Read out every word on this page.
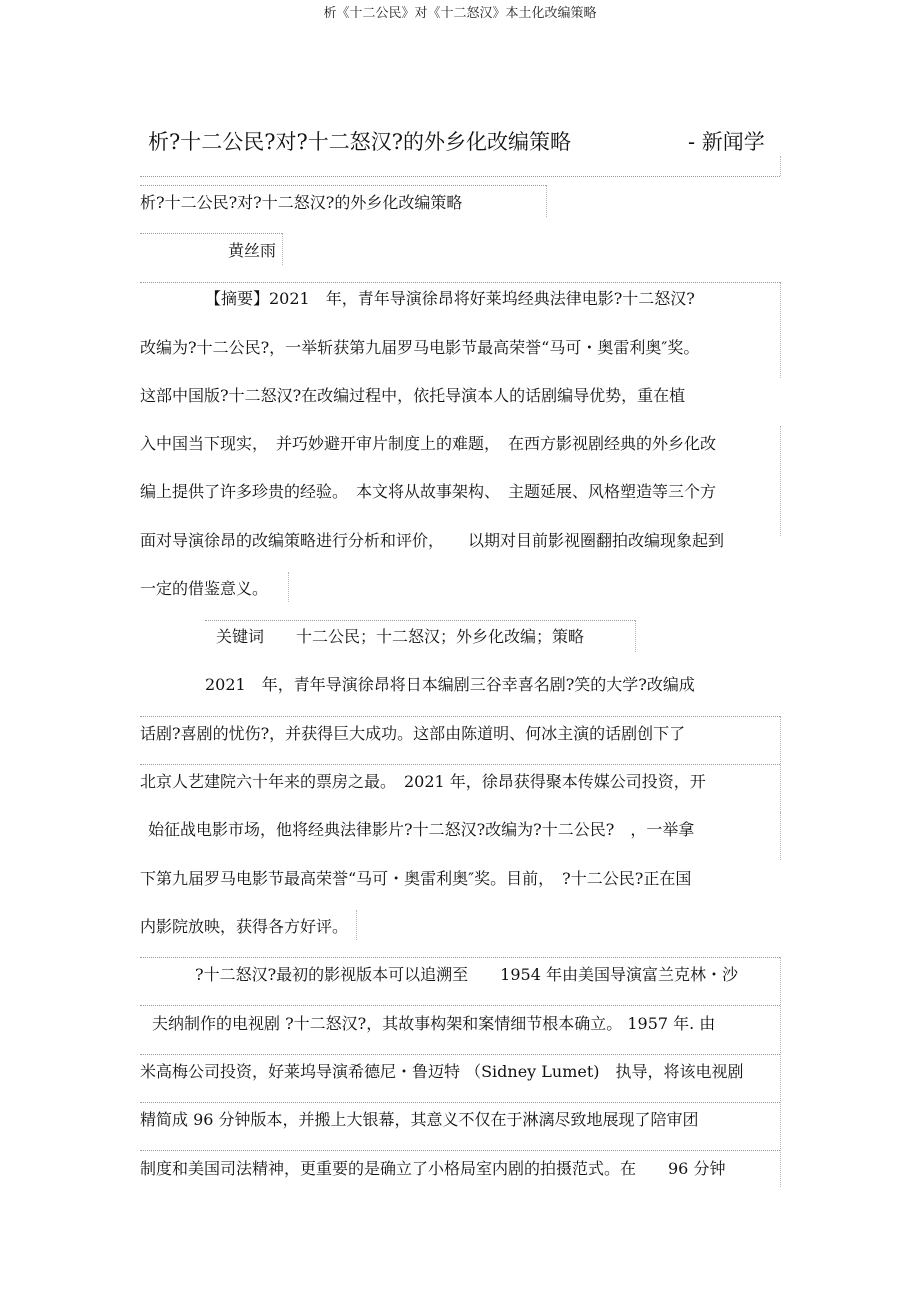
析《十二公民》对《十二怒汉》本土化改编策略
析?十二公民?对?十二怒汉?的外乡化改编策略	- 新闻学
析?十二公民?对?十二怒汉?的外乡化改编策略
黄丝雨
【摘要】2021　年，青年导演徐昂将好莱坞经典法律电影?十二怒汉?
改编为?十二公民?，一举斩获第九届罗马电影节最高荣誉“马可・奥雷利奥″奖。
这部中国版?十二怒汉?在改编过程中，依托导演本人的话剧编导优势，重在植
入中国当下现实，　并巧妙避开审片制度上的难题，　在西方影视剧经典的外乡化改
编上提供了许多珍贵的经验。　本文将从故事架构、　主题延展、风格塑造等三个方
面对导演徐昂的改编策略进行分析和评价，　　以期对目前影视圈翻拍改编现象起到
一定的借鉴意义。
关键词 十二公民；十二怒汉；外乡化改编；策略
2021　年，青年导演徐昂将日本编剧三谷幸喜名剧?笑的大学?改编成
话剧?喜剧的忧伤?，并获得巨大成功。这部由陈道明、何冰主演的话剧创下了
北京人艺建院六十年来的票房之最。　2021 年，徐昂获得聚本传媒公司投资，开
始征战电影市场，他将经典法律影片?十二怒汉?改编为?十二公民?　，一举拿
下第九届罗马电影节最高荣誉“马可・奥雷利奥″奖。目前，　?十二公民?正在国
内影院放映，获得各方好评。
?十二怒汉?最初的影视版本可以追溯至　　1954 年由美国导演富兰克林・沙
夫纳制作的电视剧 ?十二怒汉?，其故事构架和案情细节根本确立。 1957 年. 由
米高梅公司投资，好莱坞导演希德尼・鲁迈特 （Sidney Lumet)　执导，将该电视剧
精简成 96 分钟版本，并搬上大银幕，其意义不仅在于淋漓尽致地展现了陪审团
制度和美国司法精神，更重要的是确立了小格局室内剧的拍摄范式。在　　96 分钟
